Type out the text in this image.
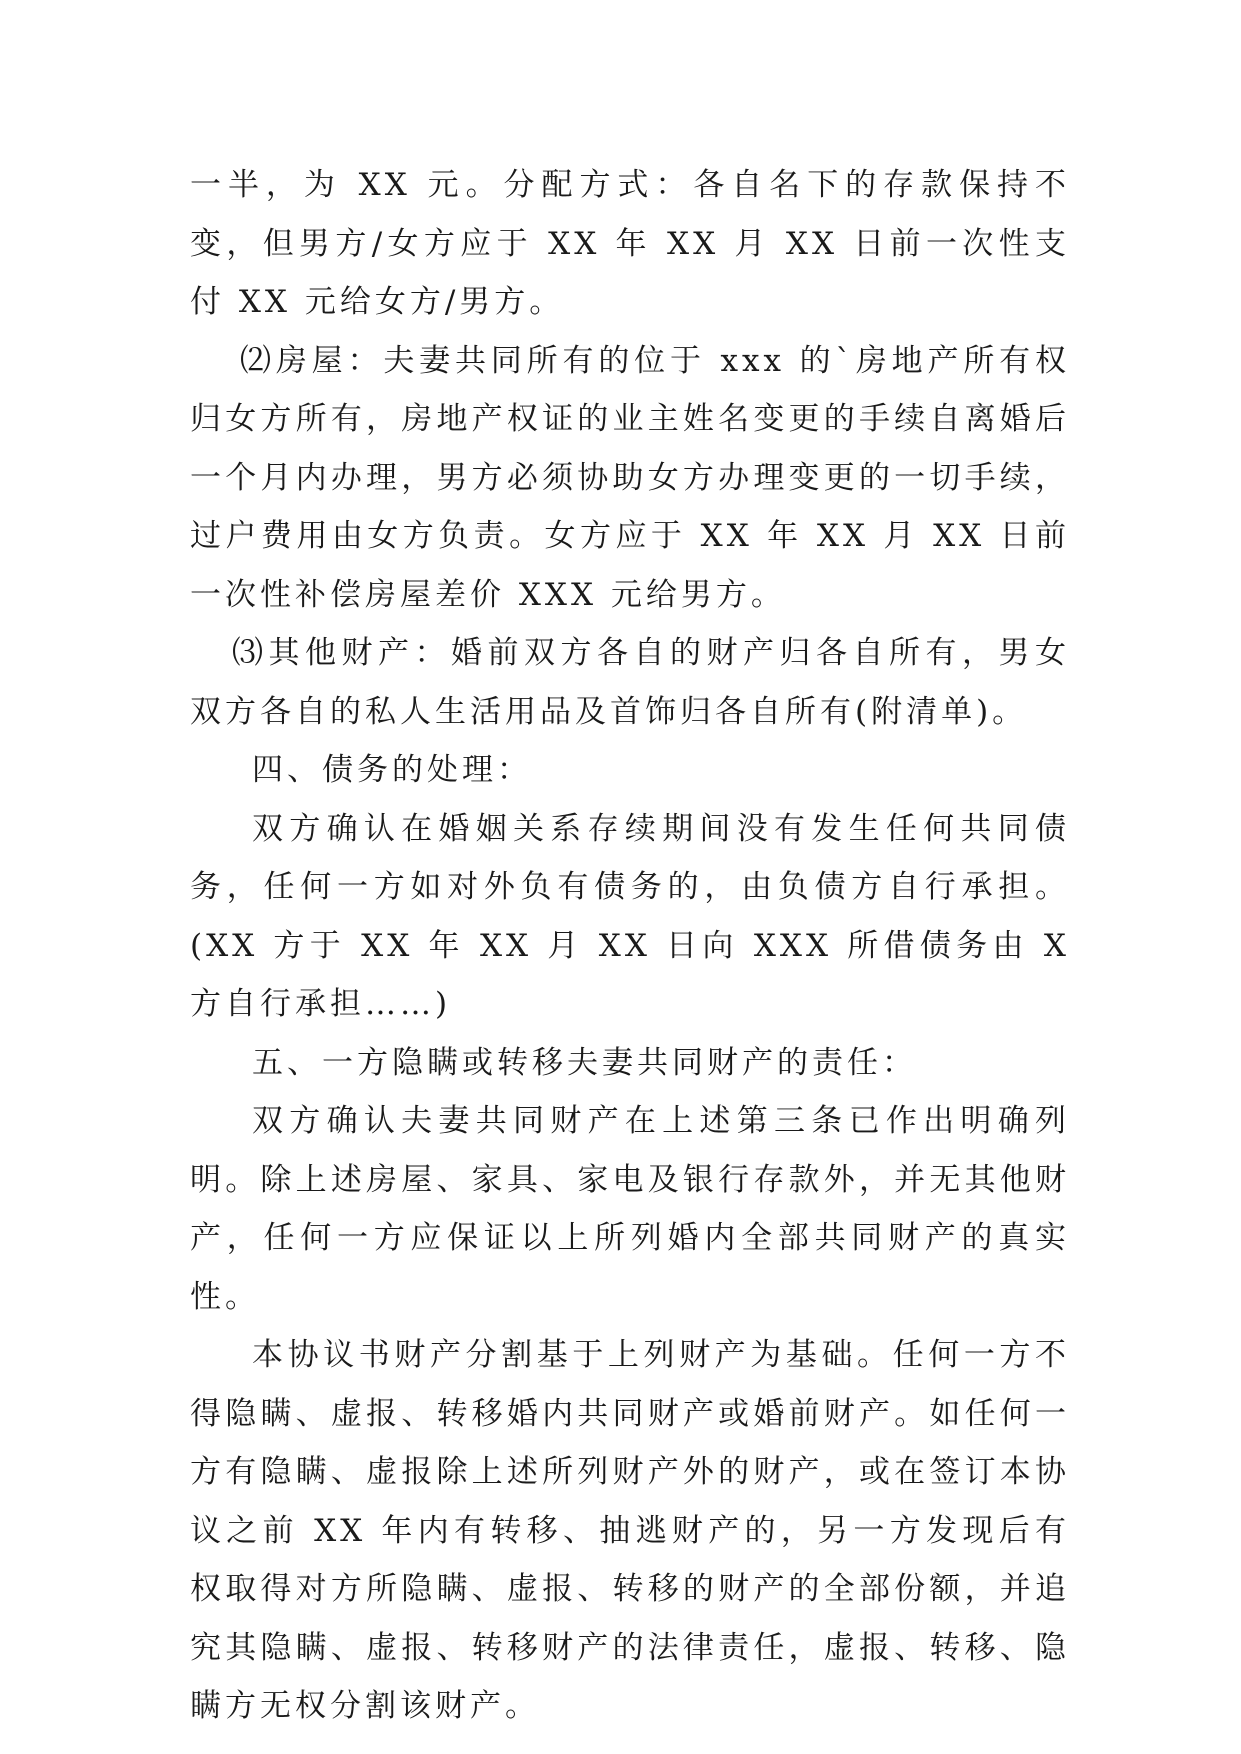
一半，为 XX 元。分配方式：各自名下的存款保持不变，但男方/女方应于 XX 年 XX 月 XX 日前一次性支付 XX 元给女方/男方。

⑵房屋：夫妻共同所有的位于 xxx 的`房地产所有权归女方所有，房地产权证的业主姓名变更的手续自离婚后一个月内办理，男方必须协助女方办理变更的一切手续，过户费用由女方负责。女方应于 XX 年 XX 月 XX 日前一次性补偿房屋差价 XXX 元给男方。

⑶其他财产：婚前双方各自的财产归各自所有，男女双方各自的私人生活用品及首饰归各自所有(附清单)。

四、债务的处理：

双方确认在婚姻关系存续期间没有发生任何共同债务，任何一方如对外负有债务的，由负债方自行承担。(XX 方于 XX 年 XX 月 XX 日向 XXX 所借债务由 X 方自行承担……)

五、一方隐瞒或转移夫妻共同财产的责任：

双方确认夫妻共同财产在上述第三条已作出明确列明。除上述房屋、家具、家电及银行存款外，并无其他财产，任何一方应保证以上所列婚内全部共同财产的真实性。

本协议书财产分割基于上列财产为基础。任何一方不得隐瞒、虚报、转移婚内共同财产或婚前财产。如任何一方有隐瞒、虚报除上述所列财产外的财产，或在签订本协议之前 XX 年内有转移、抽逃财产的，另一方发现后有权取得对方所隐瞒、虚报、转移的财产的全部份额，并追究其隐瞒、虚报、转移财产的法律责任，虚报、转移、隐瞒方无权分割该财产。
